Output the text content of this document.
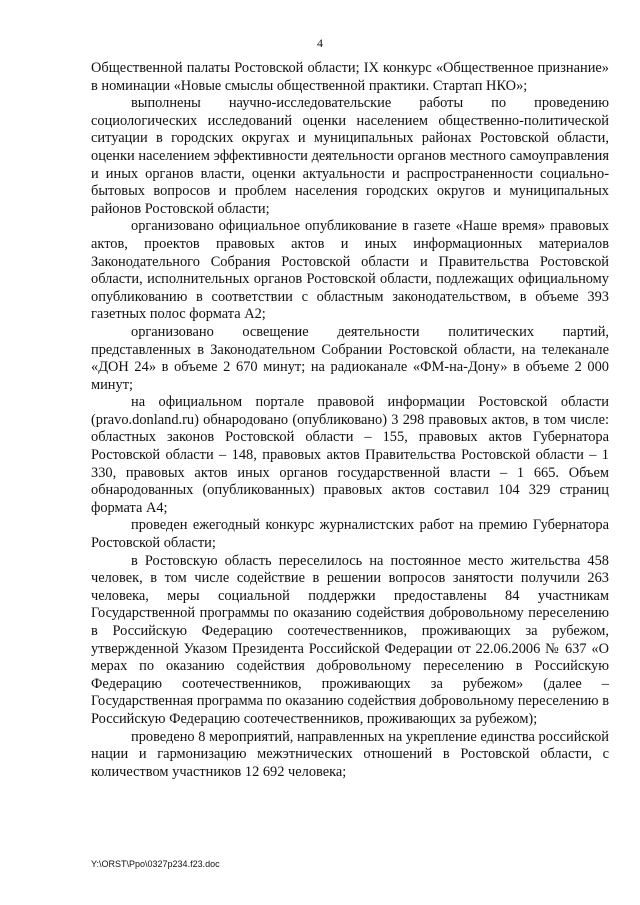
4

Общественной палаты Ростовской области; IX конкурс «Общественное признание» в номинации «Новые смыслы общественной практики. Стартап НКО»;

выполнены научно-исследовательские работы по проведению социологических исследований оценки населением общественно-политической ситуации в городских округах и муниципальных районах Ростовской области, оценки населением эффективности деятельности органов местного самоуправления и иных органов власти, оценки актуальности и распространенности социально-бытовых вопросов и проблем населения городских округов и муниципальных районов Ростовской области;

организовано официальное опубликование в газете «Наше время» правовых актов, проектов правовых актов и иных информационных материалов Законодательного Собрания Ростовской области и Правительства Ростовской области, исполнительных органов Ростовской области, подлежащих официальному опубликованию в соответствии с областным законодательством, в объеме 393 газетных полос формата А2;

организовано освещение деятельности политических партий, представленных в Законодательном Собрании Ростовской области, на телеканале «ДОН 24» в объеме 2 670 минут; на радиоканале «ФМ-на-Дону» в объеме 2 000 минут;

на официальном портале правовой информации Ростовской области (pravo.donland.ru) обнародовано (опубликовано) 3 298 правовых актов, в том числе: областных законов Ростовской области – 155, правовых актов Губернатора Ростовской области – 148, правовых актов Правительства Ростовской области – 1 330, правовых актов иных органов государственной власти – 1 665. Объем обнародованных (опубликованных) правовых актов составил 104 329 страниц формата А4;

проведен ежегодный конкурс журналистских работ на премию Губернатора Ростовской области;

в Ростовскую область переселилось на постоянное место жительства 458 человек, в том числе содействие в решении вопросов занятости получили 263 человека, меры социальной поддержки предоставлены 84 участникам Государственной программы по оказанию содействия добровольному переселению в Российскую Федерацию соотечественников, проживающих за рубежом, утвержденной Указом Президента Российской Федерации от 22.06.2006 № 637 «О мерах по оказанию содействия добровольному переселению в Российскую Федерацию соотечественников, проживающих за рубежом» (далее – Государственная программа по оказанию содействия добровольному переселению в Российскую Федерацию соотечественников, проживающих за рубежом);

проведено 8 мероприятий, направленных на укрепление единства российской нации и гармонизацию межэтнических отношений в Ростовской области, с количеством участников 12 692 человека;

Y:\ORST\Ppo\0327p234.f23.doc
